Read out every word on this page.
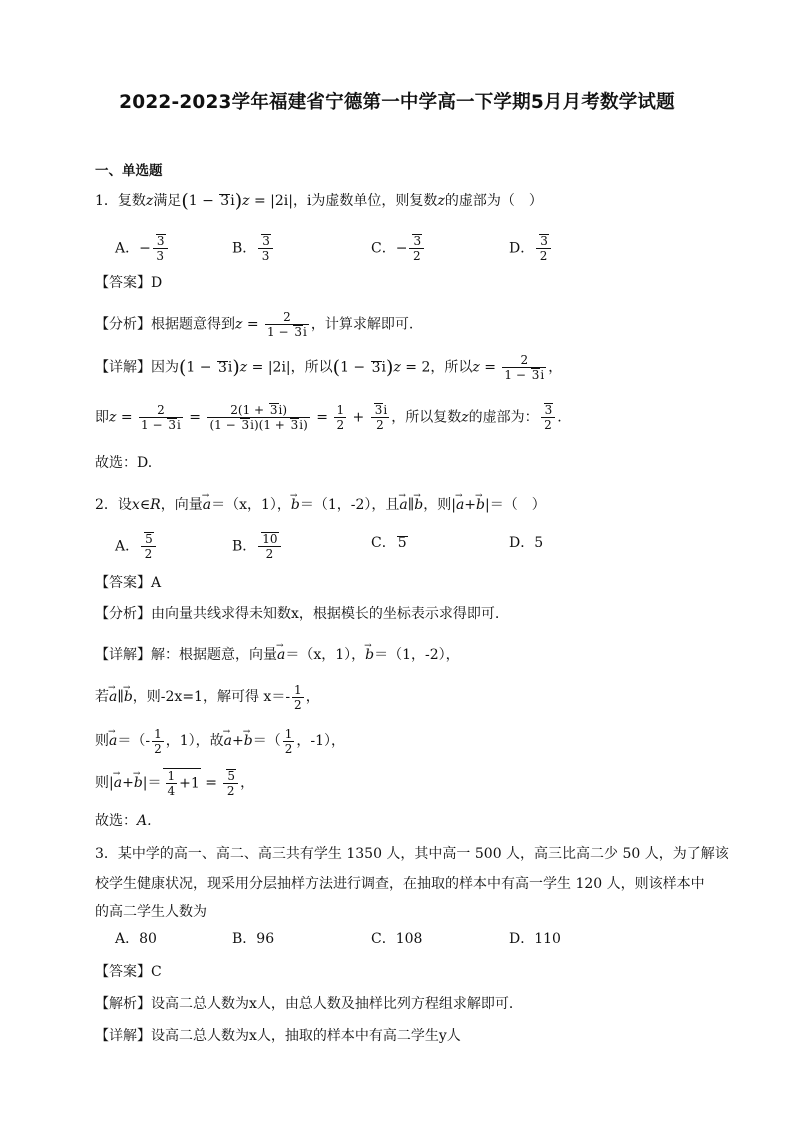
2022-2023学年福建省宁德第一中学高一下学期5月月考数学试题
一、单选题
1．复数z满足(1 − 3i)z = |2i|，i为虚数单位，则复数z的虚部为（　）
A．− $\frac{3}{3}$	B． $\frac{3}{3}$	C．− $\frac{3}{2}$	D． $\frac{3}{2}$
【答案】D
【分析】根据题意得到$z = \frac{2}{1 - 3i}$ ，计算求解即可.
【详解】因为(1 − 3i)z = |2i|，所以(1 − 3i)z = 2，所以$z = \frac{2}{1 - 3i}$ ，
即$z = \frac{2}{1 - 3i} = \frac{2(1 + 3i)}{(1 - 3i)(1 + 3i)} = \frac{1}{2} + \frac{3i}{2}$ ，所以复数z的虚部为： $\frac{3}{2}$ .
故选：D.
2．设x∈R，向量→ a＝（x，1），→ b＝（1，-2），且→ a∥→ b，则|→ a+→ b|＝（　）
A． $\frac{5}{2}$	B． $\frac{10}{2}$	C． 5	D．5
【答案】A
【分析】由向量共线求得未知数x，根据模长的坐标表示求得即可.
【详解】解：根据题意，向量→ a＝（x，1），→ b＝（1，-2），
若→ a∥→ b，则-2x=1，解可得 $x=- \frac{1}{2}$ ，
则→ $a=(- \frac{1}{2}$ ，1），故→ $a+\to b=( \frac{1}{2}$ ，-1），
则|→ $a+\to b|= \frac{1}{4} +1 = \frac{5}{2}$ ，
故选：A.
3．某中学的高一、高二、高三共有学生 1350 人，其中高一 500 人，高三比高二少 50 人，为了解该
校学生健康状况，现采用分层抽样方法进行调查，在抽取的样本中有高一学生 120 人，则该样本中
的高二学生人数为
A．80	B．96	C．108	D．110
【答案】C
【解析】设高二总人数为x人，由总人数及抽样比列方程组求解即可．
【详解】设高二总人数为x人，抽取的样本中有高二学生y人
